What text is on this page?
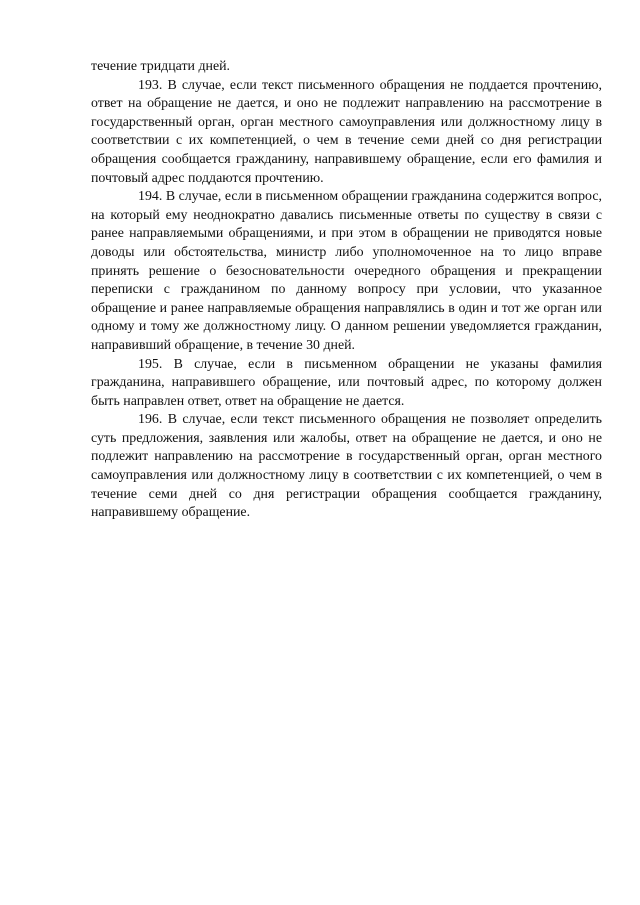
течение тридцати дней.

193. В случае, если текст письменного обращения не поддается прочтению, ответ на обращение не дается, и оно не подлежит направлению на рассмотрение в государственный орган, орган местного самоуправления или должностному лицу в соответствии с их компетенцией, о чем в течение семи дней со дня регистрации обращения сообщается гражданину, направившему обращение, если его фамилия и почтовый адрес поддаются прочтению.

194. В случае, если в письменном обращении гражданина содержится вопрос, на который ему неоднократно давались письменные ответы по существу в связи с ранее направляемыми обращениями, и при этом в обращении не приводятся новые доводы или обстоятельства, министр либо уполномоченное на то лицо вправе принять решение о безосновательности очередного обращения и прекращении переписки с гражданином по данному вопросу при условии, что указанное обращение и ранее направляемые обращения направлялись в один и тот же орган или одному и тому же должностному лицу. О данном решении уведомляется гражданин, направивший обращение, в течение 30 дней.

195. В случае, если в письменном обращении не указаны фамилия гражданина, направившего обращение, или почтовый адрес, по которому должен быть направлен ответ, ответ на обращение не дается.

196. В случае, если текст письменного обращения не позволяет определить суть предложения, заявления или жалобы, ответ на обращение не дается, и оно не подлежит направлению на рассмотрение в государственный орган, орган местного самоуправления или должностному лицу в соответствии с их компетенцией, о чем в течение семи дней со дня регистрации обращения сообщается гражданину, направившему обращение.
